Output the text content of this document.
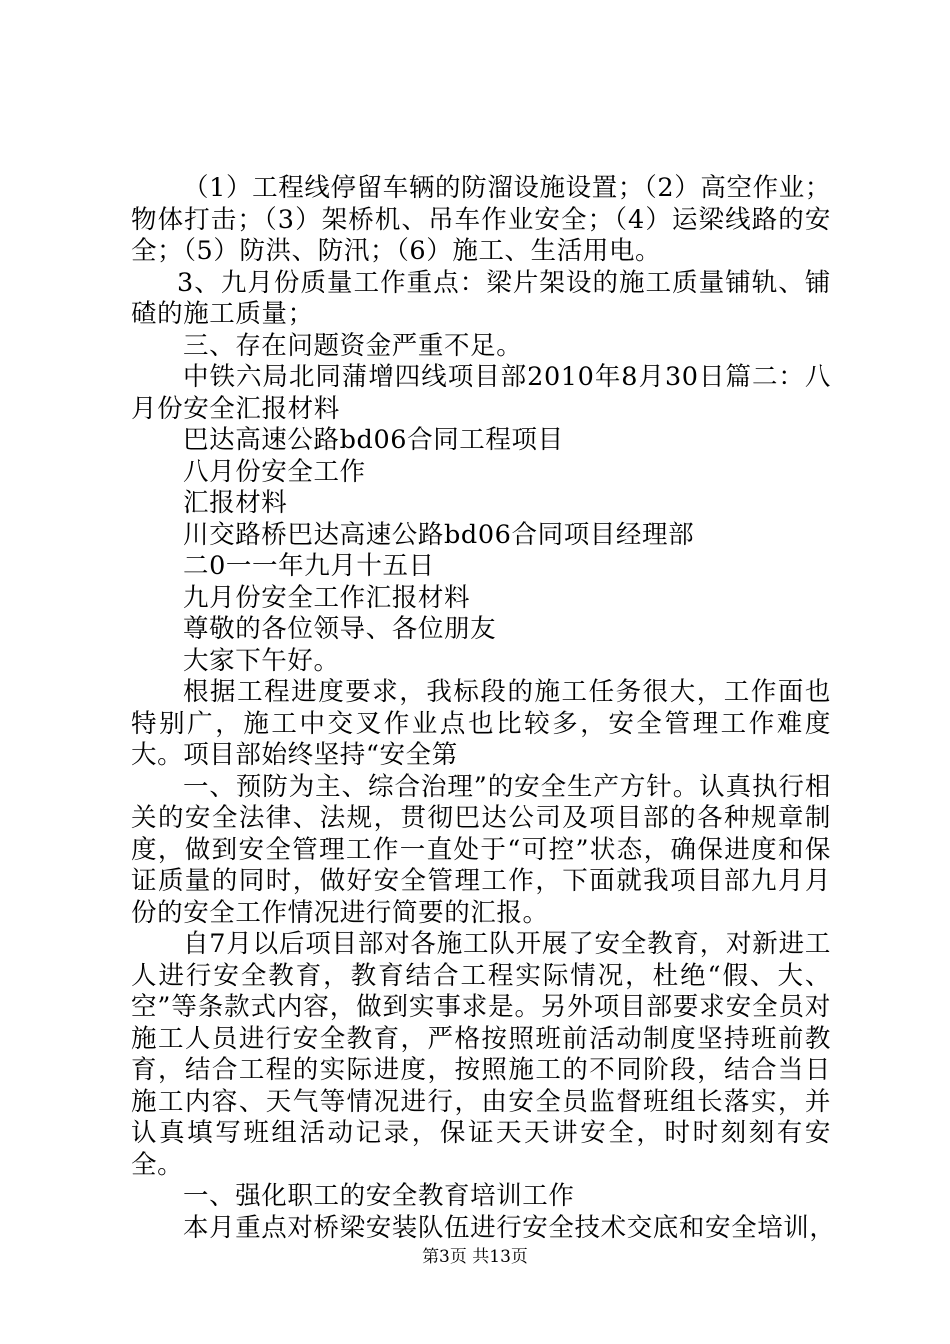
（1）工程线停留车辆的防溜设施设置；（2）高空作业；物体打击；（3）架桥机、吊车作业安全；（4）运梁线路的安全；（5）防洪、防汛；（6）施工、生活用电。

3、九月份质量工作重点：梁片架设的施工质量铺轨、铺碴的施工质量；

三、存在问题资金严重不足。

中铁六局北同蒲增四线项目部2010年8月30日篇二：八月份安全汇报材料

巴达高速公路bd06合同工程项目

八月份安全工作

汇报材料

川交路桥巴达高速公路bd06合同项目经理部

二0一一年九月十五日

九月份安全工作汇报材料

尊敬的各位领导、各位朋友

大家下午好。

根据工程进度要求，我标段的施工任务很大，工作面也特别广，施工中交叉作业点也比较多，安全管理工作难度大。项目部始终坚持“安全第

一、预防为主、综合治理”的安全生产方针。认真执行相关的安全法律、法规，贯彻巴达公司及项目部的各种规章制度，做到安全管理工作一直处于“可控”状态，确保进度和保证质量的同时，做好安全管理工作，下面就我项目部九月月份的安全工作情况进行简要的汇报。

自7月以后项目部对各施工队开展了安全教育，对新进工人进行安全教育，教育结合工程实际情况，杜绝“假、大、空”等条款式内容，做到实事求是。另外项目部要求安全员对施工人员进行安全教育，严格按照班前活动制度坚持班前教育，结合工程的实际进度，按照施工的不同阶段，结合当日施工内容、天气等情况进行，由安全员监督班组长落实，并认真填写班组活动记录，保证天天讲安全，时时刻刻有安全。

一、强化职工的安全教育培训工作

本月重点对桥梁安装队伍进行安全技术交底和安全培训，

第3页 共13页
